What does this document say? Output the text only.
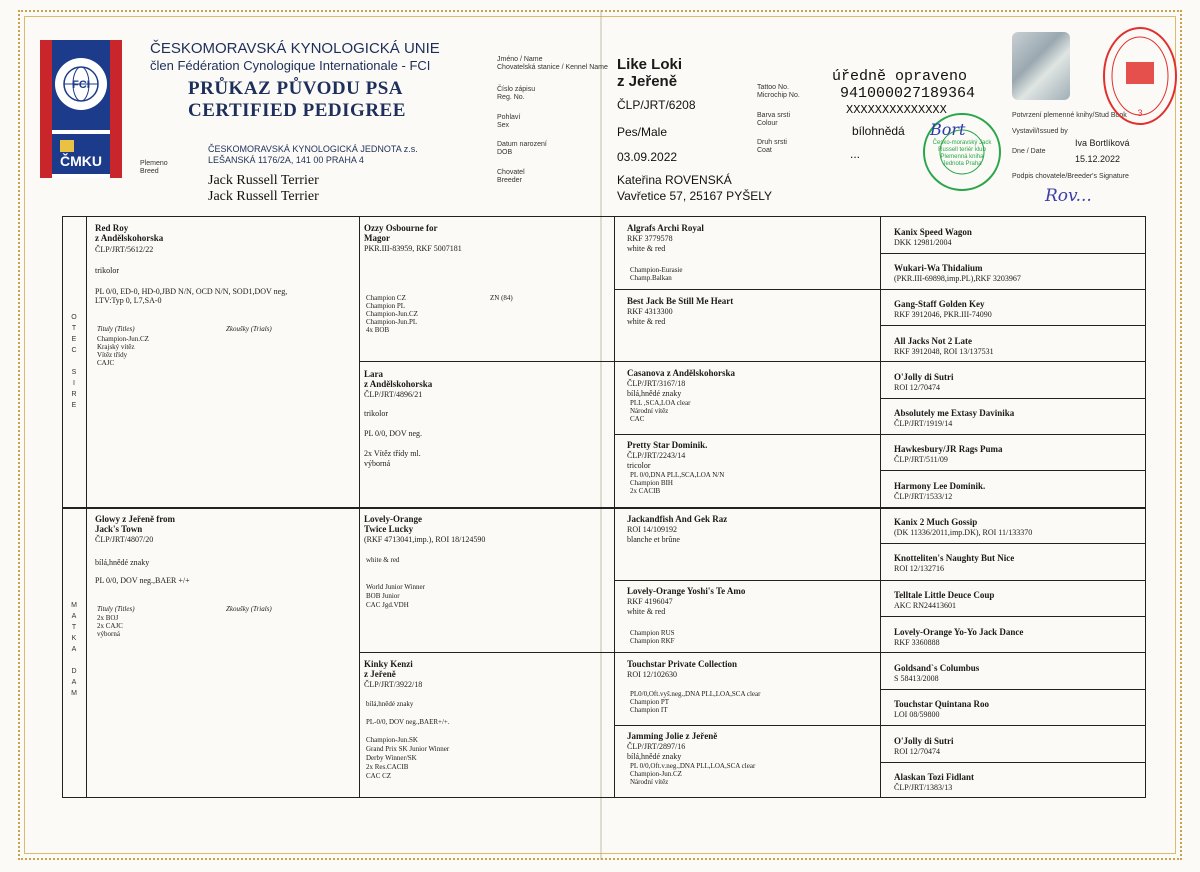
FCI
ČMKU
ČESKOMORAVSKÁ KYNOLOGICKÁ UNIE
člen Fédération Cynologique Internationale - FCI
PRŮKAZ PŮVODU PSA
CERTIFIED PEDIGREE
ČESKOMORAVSKÁ KYNOLOGICKÁ JEDNOTA z.s.
LEŠANSKÁ 1176/2A, 141 00 PRAHA 4
Plemeno
Breed
Jack Russell Terrier
Jack Russell Terrier
Jméno / Name
Chovatelská stanice / Kennel Name
Číslo zápisu
Reg. No.
Pohlaví
Sex
Datum narození
DOB
Chovatel
Breeder
Like Loki
z Jeřeně
ČLP/JRT/6208
Pes/Male
03.09.2022
Kateřina ROVENSKÁ
Vavřetice 57, 25167 PYŠELY
Tattoo No.
Microchip No.
Barva srsti
Colour
Druh srsti
Coat
úředně opraveno
941000027189364
XXXXXXXXXXXXXX
bílohnědá
...
Potvrzení plemenné knihy/Stud Book
Vystavil/Issued by
Iva Bortlíková
Dne / Date
15.12.2022
Podpis chovatele/Breeder's Signature
Rov...
3
Česko-moravský Jack Russell teriér klub Plemenná kniha Jednota Praha
Bort
O
T
E
C

S
I
R
E
M
A
T
K
A

D
A
M
Red Roy
z Andělskohorska
ČLP/JRT/5612/22
trikolor
PL 0/0, ED-0, HD-0,JBD N/N, OCD N/N, SOD1,DOV neg,
LTV:Typ 0, L7,SA-0
Tituly (Titles)	Zkoušky (Trials)
Champion-Jun.CZ
Krajský vítěz
Vítěz třídy
CAJC
Glowy z Jeřeně from
Jack's Town
ČLP/JRT/4807/20
bílá,hnědé znaky
PL 0/0, DOV neg.,BAER +/+
Tituly (Titles)	Zkoušky (Trials)
2x BOJ
2x CAJC
výborná
Ozzy Osbourne for
Magor
PKR.III-83959, RKF 5007181
Champion CZ
Champion PL
Champion-Jun.CZ
Champion-Jun.PL
4x BOB
ZN (84)
Lara
z Andělskohorska
ČLP/JRT/4896/21
trikolor

PL 0/0, DOV neg.

2x Vítěz třídy ml.
výborná
Lovely-Orange
Twice Lucky
(RKF 4713041,imp.), ROI 18/124590
white & red

World Junior Winner
BOB Junior
CAC Jgd.VDH
Kinky Kenzi
z Jeřeně
ČLP/JRT/3922/18
bílá,hnědé znaky

PL-0/0, DOV neg.,BAER+/+.

Champion-Jun.SK
Grand Prix SK Junior Winner
Derby Winner/SK
2x Res.CACIB
CAC CZ
Algrafs Archi Royal
RKF 3779578
white & red
Champion-Eurasie
Champ.Balkan
Best Jack Be Still Me Heart
RKF 4313300
white & red
Casanova z Andělskohorska
ČLP/JRT/3167/18
bílá,hnědé znaky
PLL ,SCA,LOA clear
Národní vítěz
CAC
Pretty Star Dominik.
ČLP/JRT/2243/14
tricolor
PL 0/0,DNA PLL,SCA,LOA N/N
Champion BIH
2x CACIB
Jackandfish And Gek Raz
ROI 14/109192
blanche et brûne
Lovely-Orange Yoshi's Te Amo
RKF 4196047
white & red
Champion RUS
Champion RKF
Touchstar Private Collection
ROI 12/102630
PL0/0,Oft.vyš.neg.,DNA PLL,LOA,SCA clear
Champion PT
Champion IT
Jamming Jolie z Jeřeně
ČLP/JRT/2897/16
bílá,hnědé znaky
PL 0/0,Oft.v.neg.,DNA PLL,LOA,SCA clear
Champion-Jun.CZ
Národní vítěz
Kanix Speed Wagon
DKK 12981/2004
Wukari-Wa Thidalium
(PKR.III-69898,imp.PL),RKF 3203967
Gang-Staff Golden Key
RKF 3912046, PKR.III-74090
All Jacks Not 2 Late
RKF 3912048, ROI 13/137531
O'Jolly di Sutri
ROI 12/70474
Absolutely me Extasy Davinika
ČLP/JRT/1919/14
Hawkesbury/JR Rags Puma
ČLP/JRT/511/09
Harmony Lee Dominik.
ČLP/JRT/1533/12
Kanix 2 Much Gossip
(DK 11336/2011,imp.DK), ROI 11/133370
Knotteliten's Naughty But Nice
ROI 12/132716
Telltale Little Deuce Coup
AKC RN24413601
Lovely-Orange Yo-Yo Jack Dance
RKF 3360888
Goldsand`s Columbus
S 58413/2008
Touchstar Quintana Roo
LOI 08/59800
O'Jolly di Sutri
ROI 12/70474
Alaskan Tozi Fidlant
ČLP/JRT/1383/13
